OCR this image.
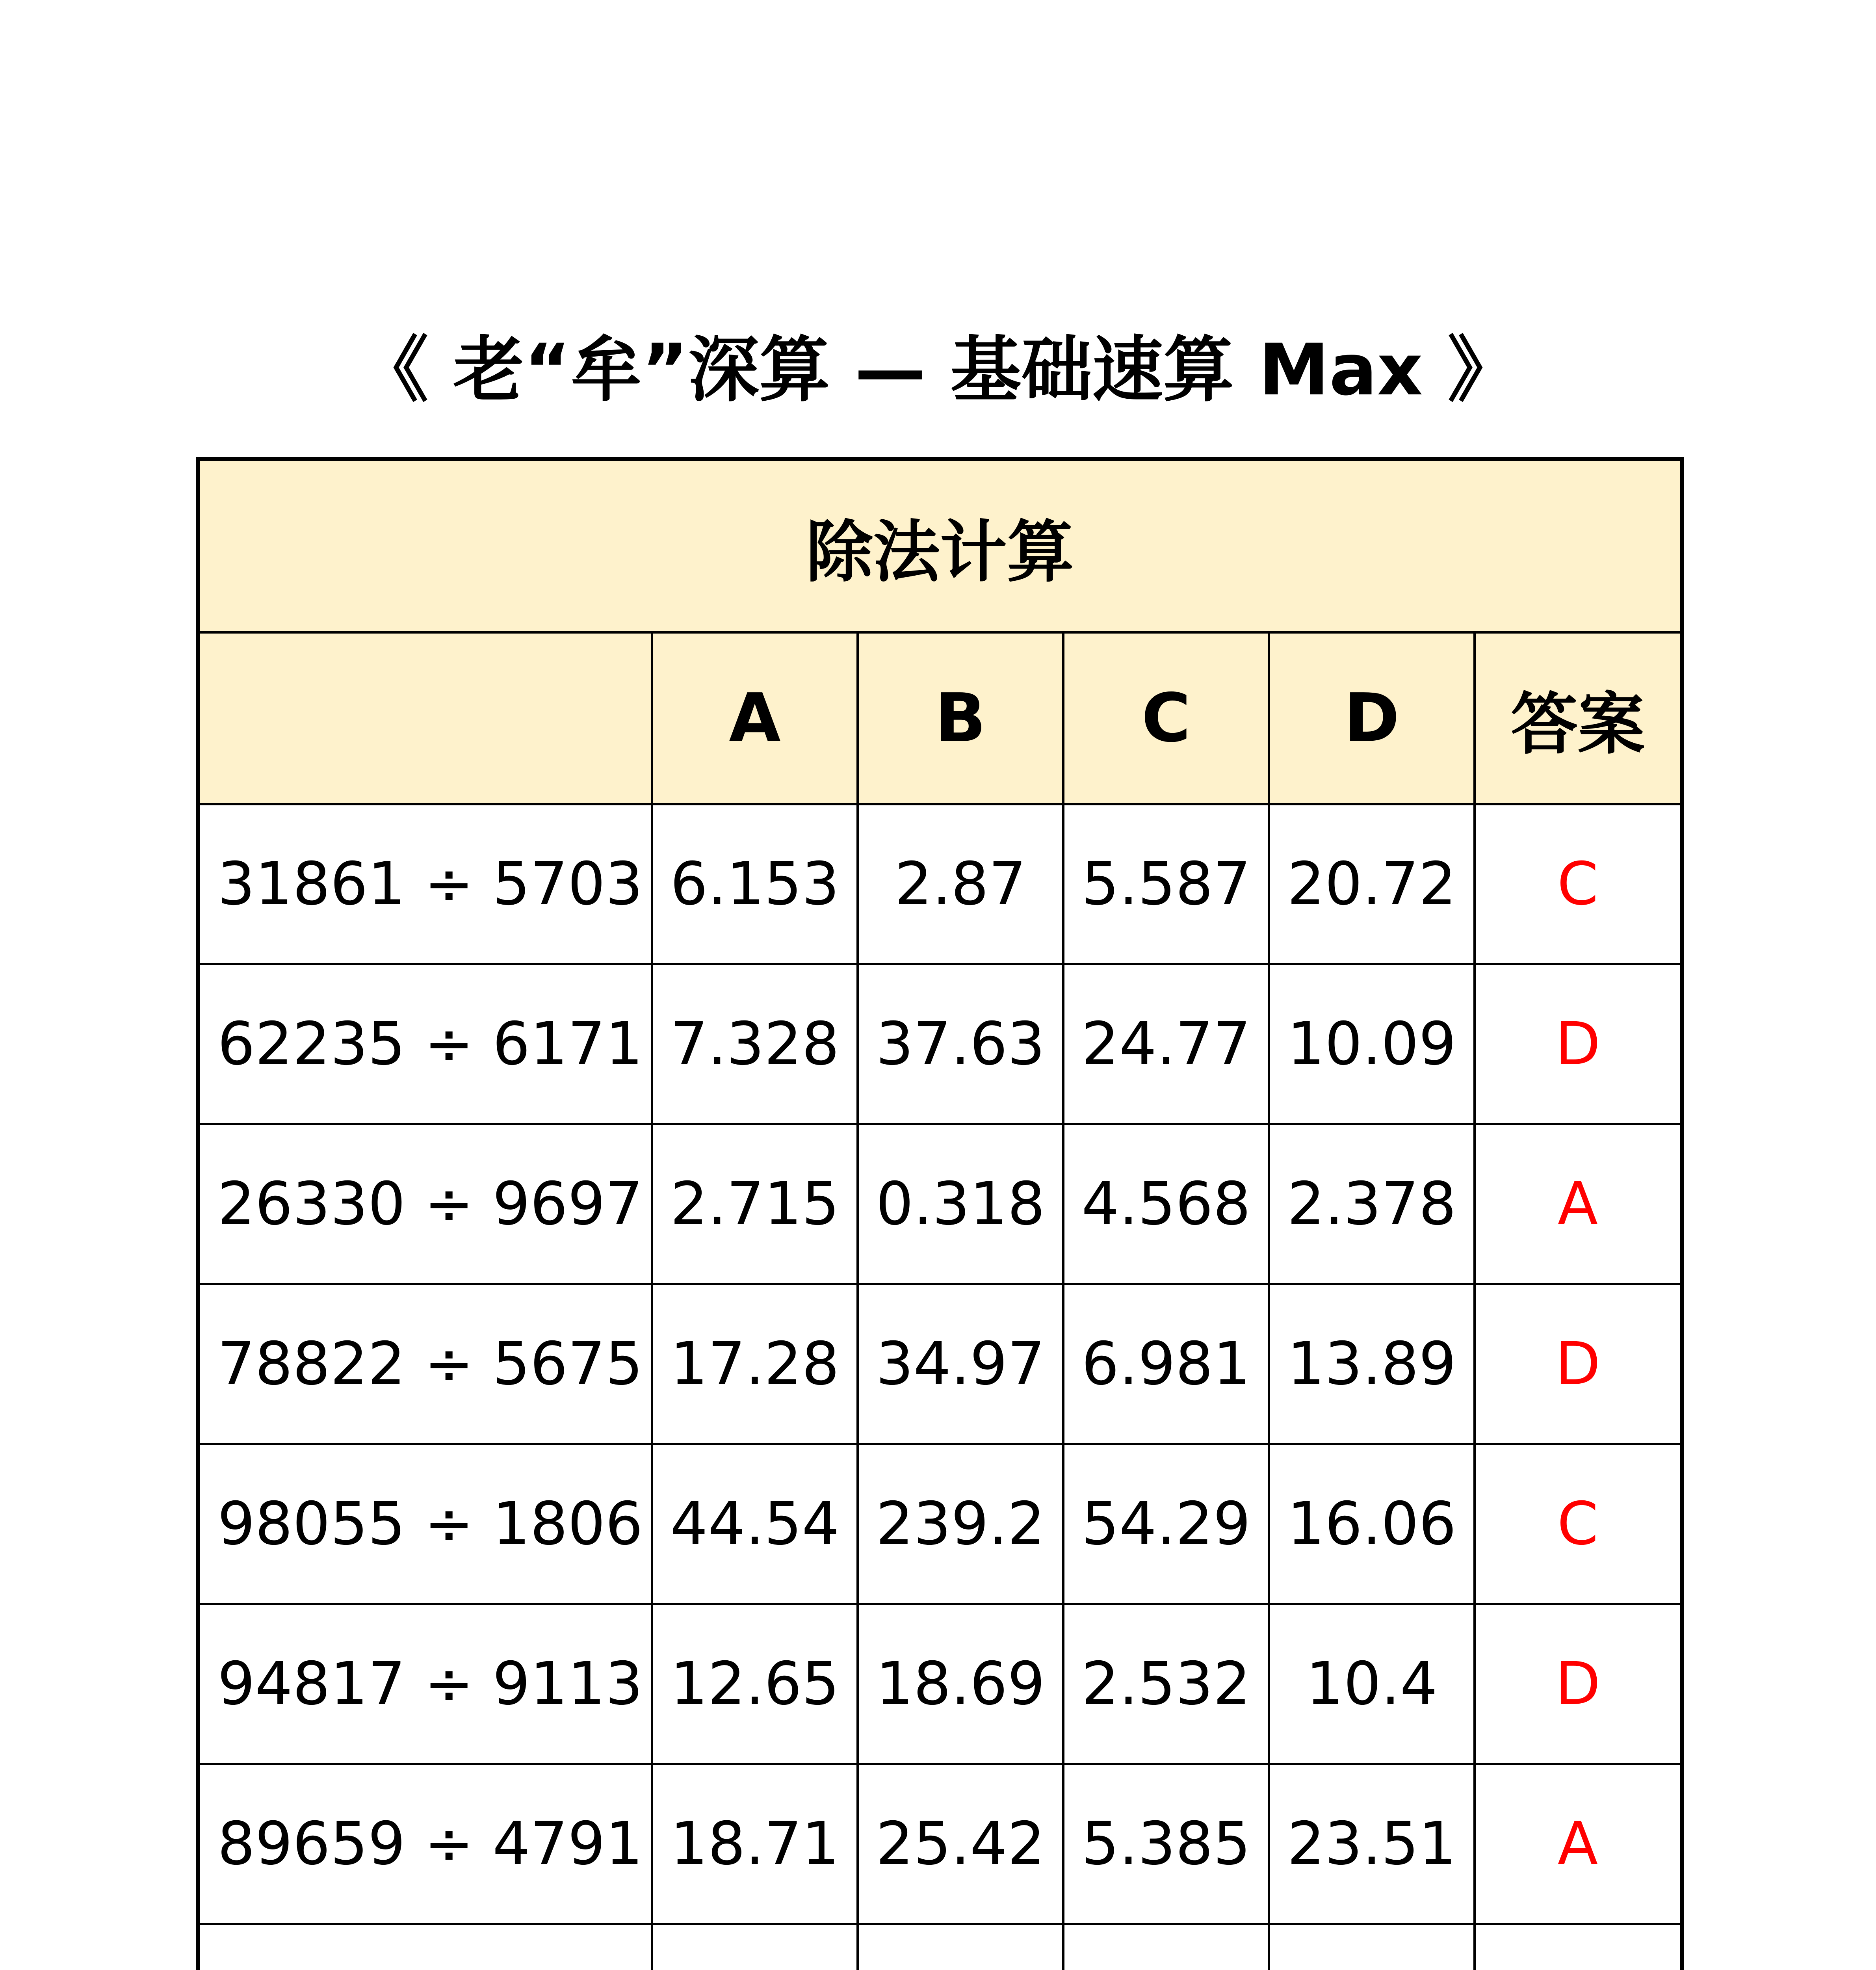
《 老“牟”深算 — 基础速算 Max 》
除法计算					
	A	B	C	D	答案
31861 ÷ 5703	6.153	2.87	5.587	20.72	C
62235 ÷ 6171	7.328	37.63	24.77	10.09	D
26330 ÷ 9697	2.715	0.318	4.568	2.378	A
78822 ÷ 5675	17.28	34.97	6.981	13.89	D
98055 ÷ 1806	44.54	239.2	54.29	16.06	C
94817 ÷ 9113	12.65	18.69	2.532	10.4	D
89659 ÷ 4791	18.71	25.42	5.385	23.51	A
